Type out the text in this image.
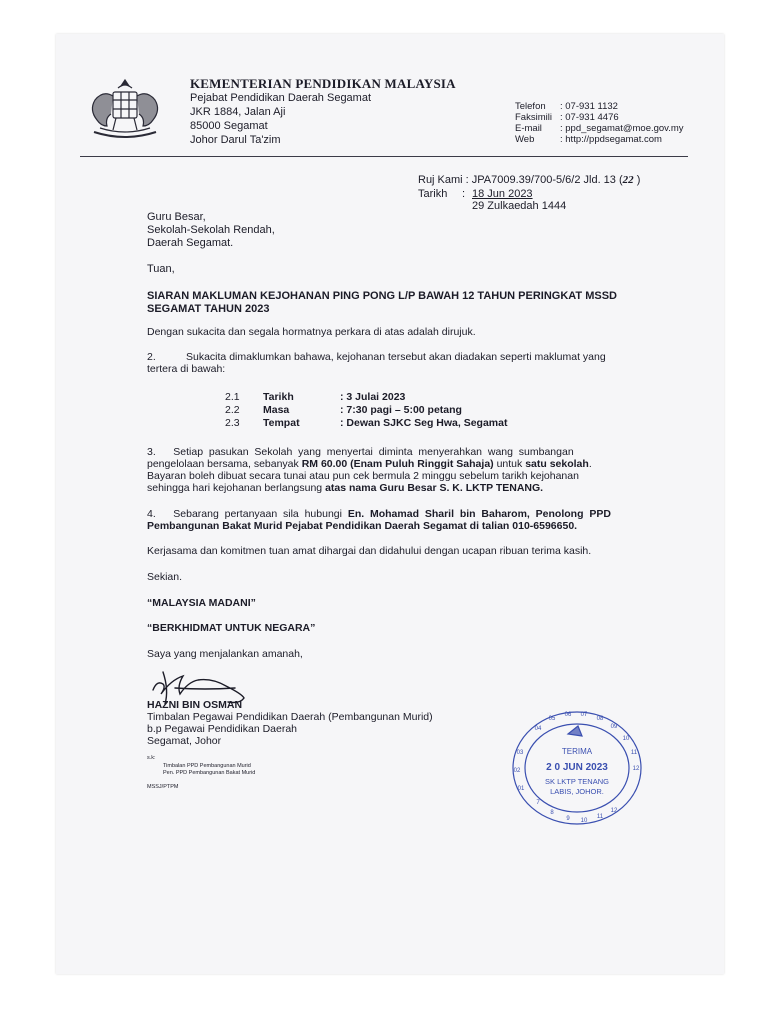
KEMENTERIAN PENDIDIKAN MALAYSIA
Pejabat Pendidikan Daerah Segamat
JKR 1884, Jalan Aji
85000 Segamat
Johor Darul Ta'zim
Telefon : 07-931 1132
Faksimili : 07-931 4476
E-mail : ppd_segamat@moe.gov.my
Web	: http://ppdsegamat.com
Ruj Kami : JPA7009.39/700-5/6/2 Jld. 13 (22 )
Tarikh : 18 Jun 2023
29 Zulkaedah 1444
Guru Besar,
Sekolah-Sekolah Rendah,
Daerah Segamat.
Tuan,
SIARAN MAKLUMAN KEJOHANAN PING PONG L/P BAWAH 12 TAHUN PERINGKAT MSSD
SEGAMAT TAHUN 2023
Dengan sukacita dan segala hormatnya perkara di atas adalah dirujuk.
2.	Sukacita dimaklumkan bahawa, kejohanan tersebut akan diadakan seperti maklumat yang
tertera di bawah:
2.1 Tarikh	: 3 Julai 2023
2.2 Masa	: 7:30 pagi – 5:00 petang
2.3 Tempat	: Dewan SJKC Seg Hwa, Segamat
3.      Setiap  pasukan  Sekolah  yang  menyertai  diminta  menyerahkan  wang  sumbangan
pengelolaan bersama, sebanyak RM 60.00 (Enam Puluh Ringgit Sahaja) untuk satu sekolah.
Bayaran boleh dibuat secara tunai atau pun cek bermula 2 minggu sebelum tarikh kejohanan
sehingga hari kejohanan berlangsung atas nama Guru Besar S. K. LKTP TENANG.
4.      Sebarang  pertanyaan  sila  hubungi  En.  Mohamad  Sharil  bin  Baharom,  Penolong  PPD
Pembangunan Bakat Murid Pejabat Pendidikan Daerah Segamat di talian 010-6596650.
Kerjasama dan komitmen tuan amat dihargai dan didahului dengan ucapan ribuan terima kasih.
Sekian.
“MALAYSIA MADANI”
“BERKHIDMAT UNTUK NEGARA”
Saya yang menjalankan amanah,
HAZNI BIN OSMAN
Timbalan Pegawai Pendidikan Daerah (Pembangunan Murid)
b.p Pegawai Pendidikan Daerah
Segamat, Johor
s.k:
Timbalan PPD Pembangunan Murid
Pen. PPD Pembangunan Bakat Murid
MSSJ/PTPM
04
05
06 07
08
09
10
11
12
03
02
01
12
11
10
9
8
7
TERIMA
2 0 JUN 2023
SK LKTP TENANG
LABIS, JOHOR.
